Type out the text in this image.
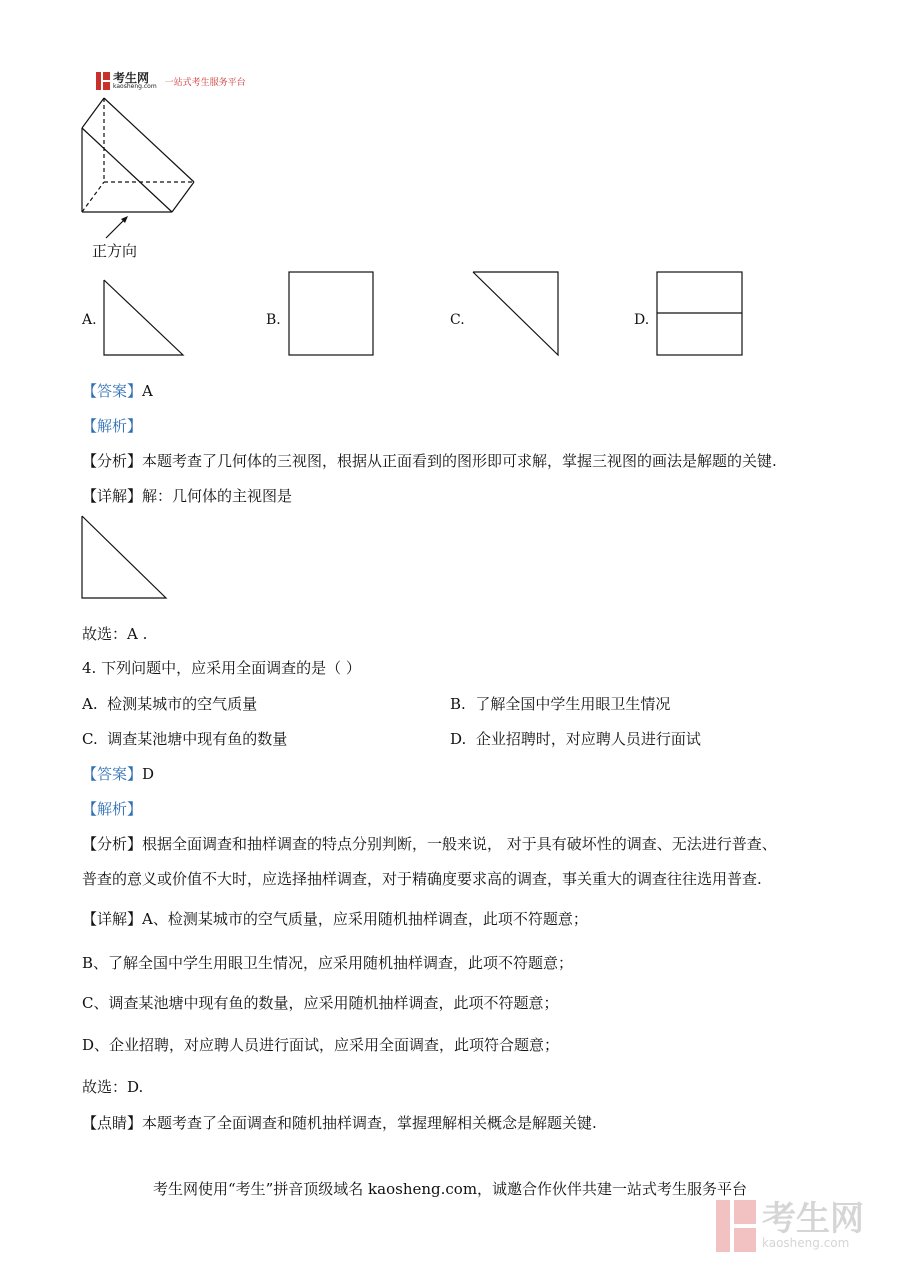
考生网
kaosheng.com 一站式考生服务平台
正方向
A.	B.	C.	D.
【答案】A
【解析】
【分析】本题考查了几何体的三视图，根据从正面看到的图形即可求解，掌握三视图的画法是解题的关键.
【详解】解：几何体的主视图是
故选：A .
4. 下列问题中，应采用全面调查的是（ ）
A. 检测某城市的空气质量	B. 了解全国中学生用眼卫生情况
C. 调查某池塘中现有鱼的数量	D. 企业招聘时，对应聘人员进行面试
【答案】D
【解析】
【分析】根据全面调查和抽样调查的特点分别判断，一般来说， 对于具有破坏性的调查、无法进行普查、
普查的意义或价值不大时，应选择抽样调查，对于精确度要求高的调查，事关重大的调查往往选用普查.
【详解】A、检测某城市的空气质量，应采用随机抽样调查，此项不符题意；
B、了解全国中学生用眼卫生情况，应采用随机抽样调查，此项不符题意；
C、调查某池塘中现有鱼的数量，应采用随机抽样调查，此项不符题意；
D、企业招聘，对应聘人员进行面试，应采用全面调查，此项符合题意；
故选：D.
【点睛】本题考查了全面调查和随机抽样调查，掌握理解相关概念是解题关键.
考生网使用“考生”拼音顶级域名 kaosheng.com，诚邀合作伙伴共建一站式考生服务平台
考生网
kaosheng.com
